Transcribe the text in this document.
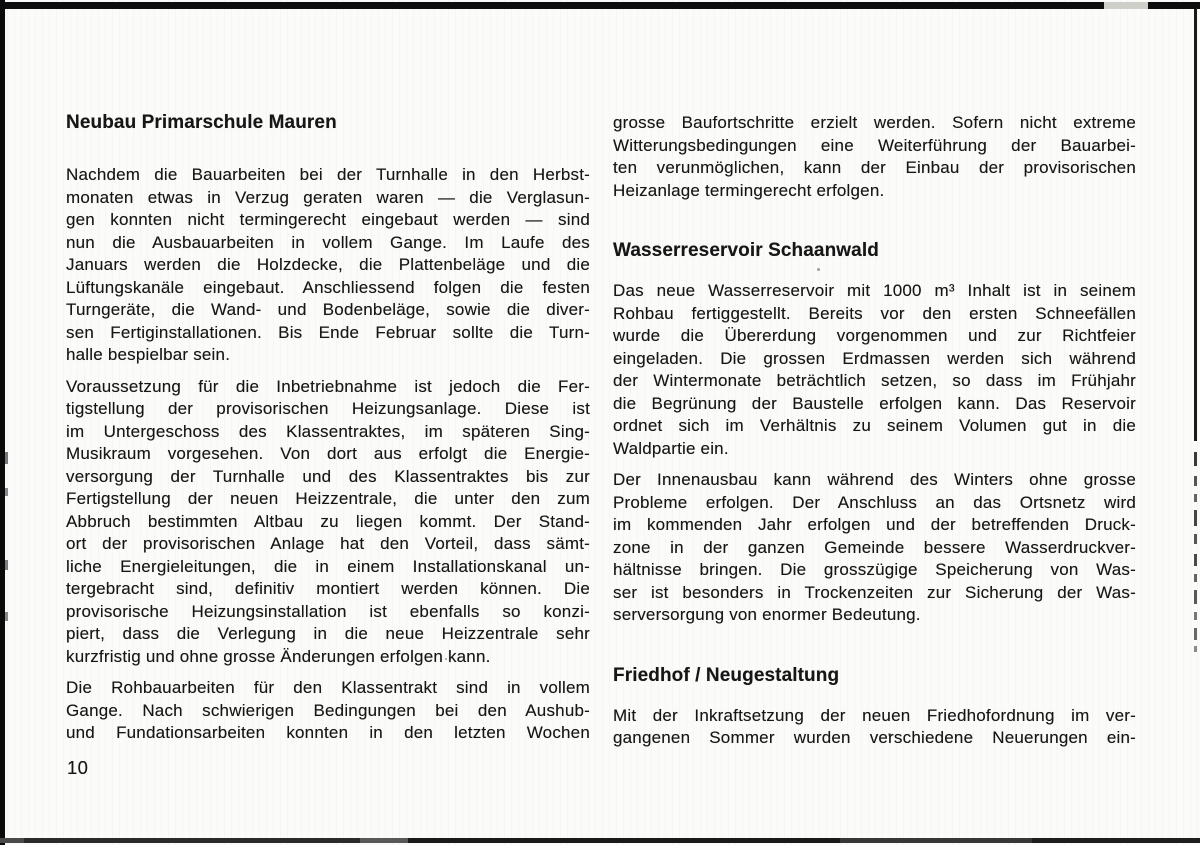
Neubau Primarschule Mauren
Nachdem die Bauarbeiten bei der Turnhalle in den Herbst-
monaten etwas in Verzug geraten waren — die Verglasun-
gen konnten nicht termingerecht eingebaut werden — sind
nun die Ausbauarbeiten in vollem Gange. Im Laufe des
Januars werden die Holzdecke, die Plattenbeläge und die
Lüftungskanäle eingebaut. Anschliessend folgen die festen
Turngeräte, die Wand- und Bodenbeläge, sowie die diver-
sen Fertiginstallationen. Bis Ende Februar sollte die Turn-
halle bespielbar sein.
Voraussetzung für die Inbetriebnahme ist jedoch die Fer-
tigstellung der provisorischen Heizungsanlage. Diese ist
im Untergeschoss des Klassentraktes, im späteren Sing-
Musikraum vorgesehen. Von dort aus erfolgt die Energie-
versorgung der Turnhalle und des Klassentraktes bis zur
Fertigstellung der neuen Heizzentrale, die unter den zum
Abbruch bestimmten Altbau zu liegen kommt. Der Stand-
ort der provisorischen Anlage hat den Vorteil, dass sämt-
liche Energieleitungen, die in einem Installationskanal un-
tergebracht sind, definitiv montiert werden können. Die
provisorische Heizungsinstallation ist ebenfalls so konzi-
piert, dass die Verlegung in die neue Heizzentrale sehr
kurzfristig und ohne grosse Änderungen erfolgen kann.
Die Rohbauarbeiten für den Klassentrakt sind in vollem
Gange. Nach schwierigen Bedingungen bei den Aushub-
und Fundationsarbeiten konnten in den letzten Wochen
grosse Baufortschritte erzielt werden. Sofern nicht extreme
Witterungsbedingungen eine Weiterführung der Bauarbei-
ten verunmöglichen, kann der Einbau der provisorischen
Heizanlage termingerecht erfolgen.
Wasserreservoir Schaanwald
Das neue Wasserreservoir mit 1000 m³ Inhalt ist in seinem
Rohbau fertiggestellt. Bereits vor den ersten Schneefällen
wurde die Übererdung vorgenommen und zur Richtfeier
eingeladen. Die grossen Erdmassen werden sich während
der Wintermonate beträchtlich setzen, so dass im Frühjahr
die Begrünung der Baustelle erfolgen kann. Das Reservoir
ordnet sich im Verhältnis zu seinem Volumen gut in die
Waldpartie ein.
Der Innenausbau kann während des Winters ohne grosse
Probleme erfolgen. Der Anschluss an das Ortsnetz wird
im kommenden Jahr erfolgen und der betreffenden Druck-
zone in der ganzen Gemeinde bessere Wasserdruckver-
hältnisse bringen. Die grosszügige Speicherung von Was-
ser ist besonders in Trockenzeiten zur Sicherung der Was-
serversorgung von enormer Bedeutung.
Friedhof / Neugestaltung
Mit der Inkraftsetzung der neuen Friedhofordnung im ver-
gangenen Sommer wurden verschiedene Neuerungen ein-
10
